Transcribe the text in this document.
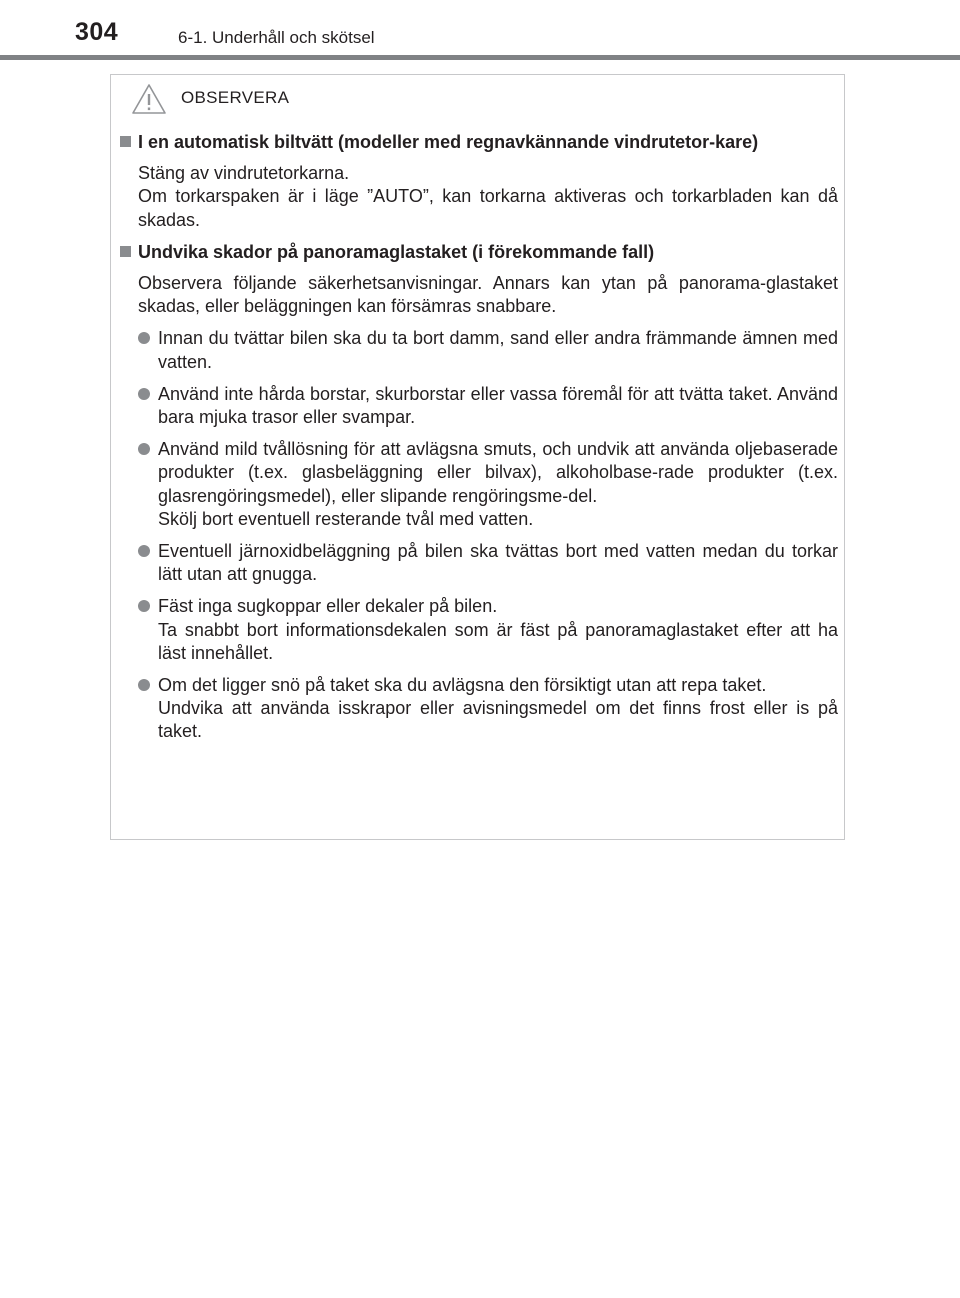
304	6-1. Underhåll och skötsel
OBSERVERA
I en automatisk biltvätt (modeller med regnavkännande vindrutetor-kare)
Stäng av vindrutetorkarna.
Om torkarspaken är i läge ”AUTO”, kan torkarna aktiveras och torkarbladen kan då skadas.
Undvika skador på panoramaglastaket (i förekommande fall)
Observera följande säkerhetsanvisningar. Annars kan ytan på panorama-glastaket skadas, eller beläggningen kan försämras snabbare.
Innan du tvättar bilen ska du ta bort damm, sand eller andra främmande ämnen med vatten.
Använd inte hårda borstar, skurborstar eller vassa föremål för att tvätta taket. Använd bara mjuka trasor eller svampar.
Använd mild tvållösning för att avlägsna smuts, och undvik att använda oljebaserade produkter (t.ex. glasbeläggning eller bilvax), alkoholbase-rade produkter (t.ex. glasrengöringsmedel), eller slipande rengöringsme-del.
Skölj bort eventuell resterande tvål med vatten.
Eventuell järnoxidbeläggning på bilen ska tvättas bort med vatten medan du torkar lätt utan att gnugga.
Fäst inga sugkoppar eller dekaler på bilen.
Ta snabbt bort informationsdekalen som är fäst på panoramaglastaket efter att ha läst innehållet.
Om det ligger snö på taket ska du avlägsna den försiktigt utan att repa taket.
Undvika att använda isskrapor eller avisningsmedel om det finns frost eller is på taket.
